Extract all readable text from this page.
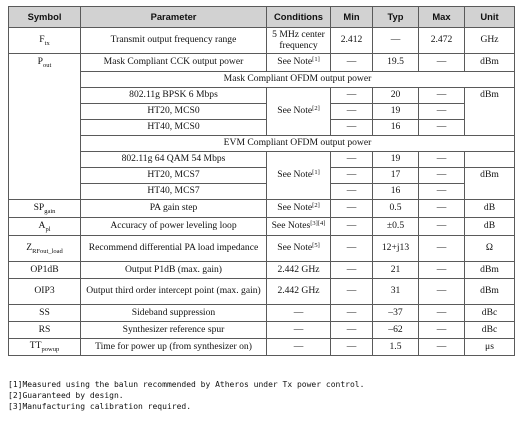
Symbol	Parameter	Conditions	Min	Typ	Max	Unit
$F_{tx}$	Transmit output frequency range	5 MHz center frequency	2.412	—	2.472	GHz
$P_{out}$	Mask Compliant CCK output power	See Note[1]	—	19.5	—	dBm
	Mask Compliant OFDM output power					
	802.11g BPSK 6 Mbps	See Note[2]	—	20	—	dBm
	HT20, MCS0		—	19	—	
	HT40, MCS0		—	16	—	
	EVM Compliant OFDM output power					
	802.11g 64 QAM 54 Mbps	See Note[1]	—	19	—	
	HT20, MCS7		—	17	—	dBm
	HT40, MCS7		—	16	—	
$SP_{gain}$	PA gain step	See Note[2]	—	0.5	—	dB
$A_{pl}$	Accuracy of power leveling loop	See Notes[3][4]	—	±0.5	—	dB
$Z_{RFout\_load}$	Recommend differential PA load impedance	See Note[5]	—	12+j13	—	Ω
OP1dB	Output P1dB (max. gain)	2.442 GHz	—	21	—	dBm
OIP3	Output third order intercept point (max. gain)	2.442 GHz	—	31	—	dBm
SS	Sideband suppression	—	—	–37	—	dBc
RS	Synthesizer reference spur	—	—	–62	—	dBc
$TT_{powup}$	Time for power up (from synthesizer on)	—	—	1.5	—	μs
[1]Measured using the balun recommended by Atheros under Tx power control.
[2]Guaranteed by design.
[3]Manufacturing calibration required.
